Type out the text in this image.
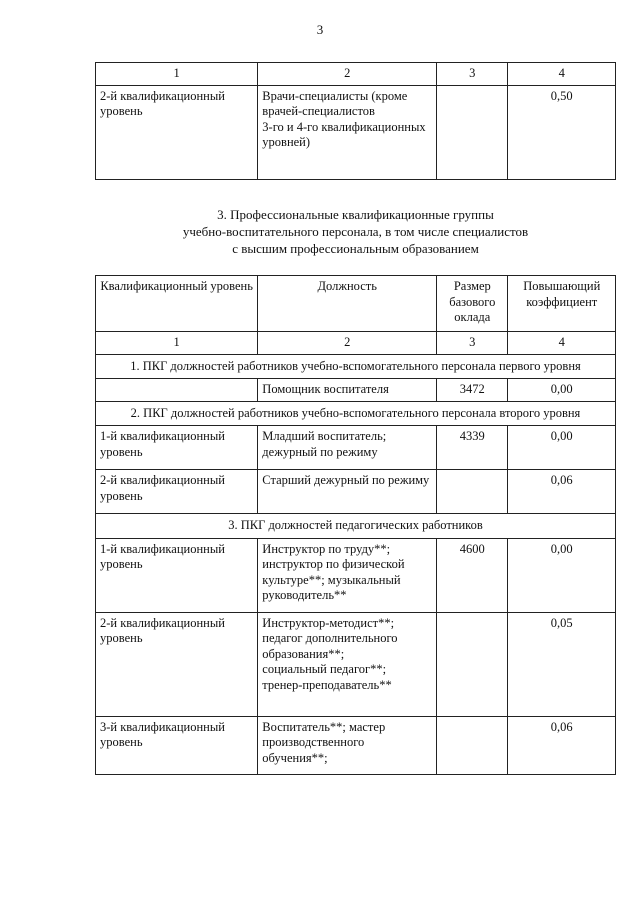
3
1	2	3	4
2-й квалификационный уровень	Врачи-специалисты (кроме врачей-специалистов
3-го и 4-го квалификационных уровней)		0,50
3. Профессиональные квалификационные группы
учебно-воспитательного персонала, в том числе специалистов
с высшим профессиональным образованием
Квалификационный уровень	Должность	Размер базового оклада	Повышающий коэффициент
1	2	3	4
1. ПКГ должностей работников учебно-вспомогательного персонала первого уровня			
	Помощник воспитателя	3472	0,00
2. ПКГ должностей работников учебно-вспомогательного персонала второго уровня			
1-й квалификационный уровень	Младший воспитатель;
дежурный по режиму	4339	0,00
2-й квалификационный уровень	Старший дежурный по режиму		0,06
3. ПКГ должностей педагогических работников			
1-й квалификационный уровень	Инструктор по труду**;
инструктор по физической культуре**; музыкальный руководитель**	4600	0,00
2-й квалификационный уровень	Инструктор-методист**;
педагог дополнительного образования**;
социальный педагог**;
тренер-преподаватель**		0,05
3-й квалификационный уровень	Воспитатель**; мастер производственного обучения**;		0,06
